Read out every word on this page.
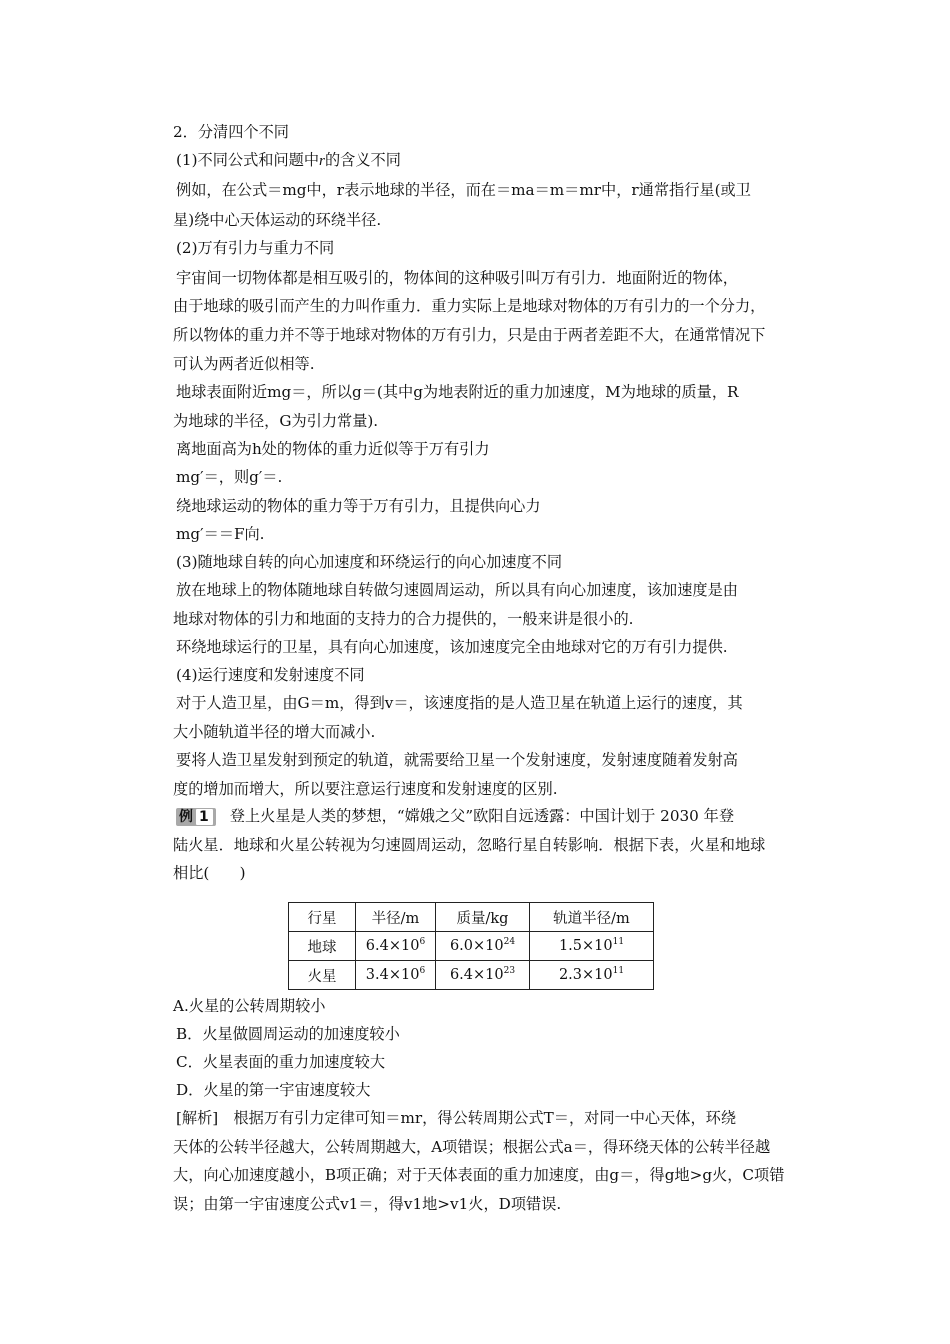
2．分清四个不同
(1)不同公式和问题中r的含义不同
例如，在公式＝mg中，r表示地球的半径，而在＝ma＝m＝mr中，r通常指行星(或卫
星)绕中心天体运动的环绕半径.
(2)万有引力与重力不同
宇宙间一切物体都是相互吸引的，物体间的这种吸引叫万有引力．地面附近的物体，
由于地球的吸引而产生的力叫作重力．重力实际上是地球对物体的万有引力的一个分力，
所以物体的重力并不等于地球对物体的万有引力，只是由于两者差距不大，在通常情况下
可认为两者近似相等.
地球表面附近mg＝，所以g＝(其中g为地表附近的重力加速度，M为地球的质量，R
为地球的半径，G为引力常量).
离地面高为h处的物体的重力近似等于万有引力
mg′＝，则g′＝.
绕地球运动的物体的重力等于万有引力，且提供向心力
mg′＝＝F向.
(3)随地球自转的向心加速度和环绕运行的向心加速度不同
放在地球上的物体随地球自转做匀速圆周运动，所以具有向心加速度，该加速度是由
地球对物体的引力和地面的支持力的合力提供的，一般来讲是很小的.
环绕地球运行的卫星，具有向心加速度，该加速度完全由地球对它的万有引力提供.
(4)运行速度和发射速度不同
对于人造卫星，由G＝m，得到v＝，该速度指的是人造卫星在轨道上运行的速度，其
大小随轨道半径的增大而减小.
要将人造卫星发射到预定的轨道，就需要给卫星一个发射速度，发射速度随着发射高
度的增加而增大，所以要注意运行速度和发射速度的区别.
例 1 登上火星是人类的梦想，“嫦娥之父”欧阳自远透露：中国计划于 2030 年登
陆火星．地球和火星公转视为匀速圆周运动，忽略行星自转影响．根据下表，火星和地球
相比(　　)
行星	半径/m	质量/kg	轨道半径/m
地球	$6.4\times 10^6$	$6.0\times 10^{24}$	$1.5\times 10^{11}$
火星	$3.4\times 10^6$	$6.4\times 10^{23}$	$2.3\times 10^{11}$
A.火星的公转周期较小
B．火星做圆周运动的加速度较小
C．火星表面的重力加速度较大
D．火星的第一宇宙速度较大
[解析]　根据万有引力定律可知＝mr，得公转周期公式T＝，对同一中心天体，环绕
天体的公转半径越大，公转周期越大，A项错误；根据公式a＝，得环绕天体的公转半径越
大，向心加速度越小，B项正确；对于天体表面的重力加速度，由g＝，得g地>g火，C项错
误；由第一宇宙速度公式v1＝，得v1地>v1火，D项错误.
